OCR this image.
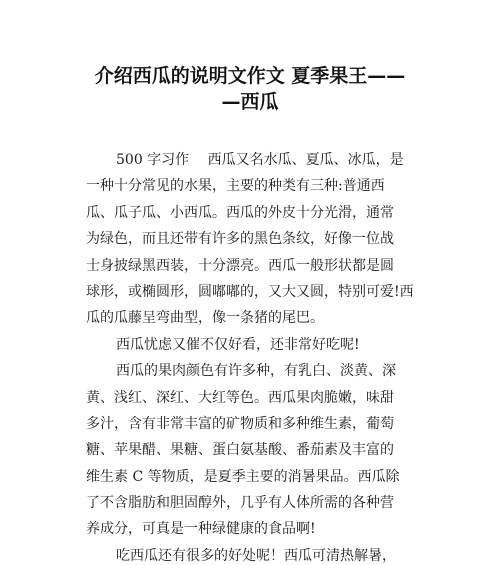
介绍西瓜的说明文作文 夏季果王——
—西瓜
500 字习作　 西瓜又名水瓜、夏瓜、冰瓜，是
一种十分常见的水果，主要的种类有三种:普通西
瓜、瓜子瓜、小西瓜。西瓜的外皮十分光滑，通常
为绿色，而且还带有许多的黑色条纹，好像一位战
士身披绿黑西装，十分漂亮。西瓜一般形状都是圆
球形，或椭圆形，圆嘟嘟的，又大又圆，特别可爱!西
瓜的瓜藤呈弯曲型，像一条猪的尾巴。
西瓜忧虑又催不仅好看，还非常好吃呢!
西瓜的果肉颜色有许多种，有乳白、淡黄、深
黄、浅红、深红、大红等色。西瓜果肉脆嫩，味甜
多汁，含有非常丰富的矿物质和多种维生素，葡萄
糖、苹果醋、果糖、蛋白氨基酸、番茄素及丰富的
维生素 C 等物质，是夏季主要的消暑果品。西瓜除
了不含脂肪和胆固醇外，几乎有人体所需的各种营
养成分，可真是一种绿健康的食品啊!
吃西瓜还有很多的好处呢！西瓜可清热解暑，
